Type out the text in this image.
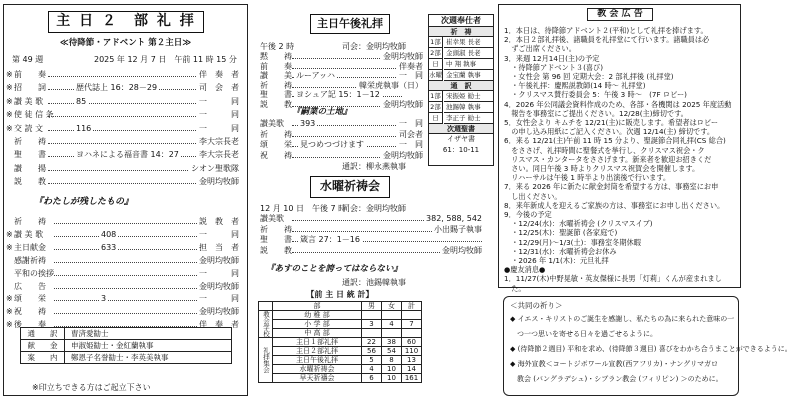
主 日 ２　部 礼 拝
≪待降節・アドベント 第２主日≫
第 49 週	2025 年 12 月 7 日　午前 11 時 15 分
※ 前　　奏	伴　奏　者
※ 招　　詞	歴代誌上 16：28－29	司　会　者
※ 讃 美 歌	85	一　　　同
※ 使 徒 信 条	一　　　同
※ 交 読 文	116	一　　　同
祈　　祷	李大宗長老
聖　　書	ヨハネによる福音書 14：27	李大宗長老
讃　　揚	シオン聖歌隊
説　　教	金明均牧師
『わたしが残したもの』
祈　　祷	説　教　者
※ 讃 美 歌	408	一　　　同
※ 主日献金	633	担　当　者
感謝祈祷	金明均牧師
平和の挨拶	一　　　同
広　　告	金明均牧師
※ 頌　　栄	3	一　　　同
※ 祝　　祷	金明均牧師
※ 後　　奏	伴　奏　者
通　　訳	曺済愛勧士
献　　金	申淑姫勧士・金紅蘭執事
案　　内	鄭恩子名誉勧士・李英美執事
※印立ちできる方はご起立下さい
主日午後礼拝
午後 2 時	司会：金明均牧師
黙　　祷	金明均牧師
前　　奏	伴奏者
讃　　美 ルーアッハ	一　同
祈　　祷	韓栄虎執事（日）
聖　　書 ヨシュア記 15：1－12
説　　教	金明均牧師
『嗣業の土地』
讃美歌 393	一　同
祈　　祷	司会者
頌　　栄 見つめつづけます	一　同
祝　　祷	金明均牧師
通訳：柳永燕執事
次週奉仕者
祈　祷
1部 崔幸果 長老
2部 金頭淑 長老
日	中 翔 執事
水曜 金宝蘭 執事
通　訳
1部 宋振姫 勧士
2部 池錫韓 執事
日	李正子 勧士
次週聖書
イザヤ書
61：10-11
水曜祈祷会
12 月 10 日　午後 7 時
司会：金明均牧師
讃美歌	382, 588, 542
祈　　祷	小出賜子執事
聖　　書 箴言 27：1－16
説　　教	金明均牧師
『あすのことを誇ってはならない』
通訳：池錫韓執事
【前 主 日 統 計】
	部	男	女	計
教会学校	幼 稚 部			
	小 学 部	3	4	7
	中 高 部			
礼拝集会	主日１部礼拝	22	38	60
	主日２部礼拝	56	54	110
	主日午後礼拝	5	8	13
	水曜祈祷会	4	10	14
	早天祈禱会	6	10	161
教 会 広 告
1．本日は、待降節アドベント２(平和)として礼拝を捧げます。
2．本日２部礼拝後、諸職員を礼拝堂にて行います。諸職員は必
　ずご出席ください。
3．来週 12月14日(主)の予定
　・待降節アドベント３(喜び)
　・女性会 第 96 回 定期大会：2 部礼拝後 (礼拝堂)
　・午後礼拝：慶熙説教師(14 時～ 礼拝堂)
　・クリスマス賛行委員会 5：午後 3 時～　(7F ロビー)
4．2026 年公同議会資料作成のため、各部・各機関は 2025 年度活動
　報告を事務室にご提出ください。12/28(主)締切です。
5．女性会より キムチを 12/21(主)に販売します。希望者はロビー
　の申し込み用紙にご記入ください。次週 12/14(主) 締切です。
6．来る 12/21(主)午前 11 時 15 分より、聖誕節合同礼拝(CS 総合)
　をささげ、礼拝時間に聖餐式を挙行し、クリスマス祝会・ク
　リスマス・カンタータをささげます。新来者を歓迎お招きくだ
　さい。同日午後 3 時よりクリスマス祝賀会を開催します。
　リハーサルは午後 1 時半より出演後で行います。
7．来る 2026 年に新たに献金封筒を希望する方は、事務室にお申
　し出ください。
8．来年新成人を迎えるご家族の方は、事務室にお申し出ください。
9．今後の予定
　・12/24(水)：水曜祈祷会 (クリスマスイブ)
　・12/25(木)：聖誕節 (各家庭で)
　・12/29(月)～1/3(土)：事務室冬期休暇
　・12/31(水)：水曜祈祷会お休み
　・2026 年 1/1(木)：元旦礼拝
●慶友消息●
1．11/27(木)中野晃敏・英友傑様に長男「灯莉」くんが産まれまし
　た。
＜共同の祈り＞
◆ イエス・キリストのご誕生を感謝し、私たちの為に来られた意味の一
　つ一つ思いを寄せる日々を過ごせるように。
◆ (待降節２週目) 平和を求め、(待降節３週目) 喜びをわかち合うまことができるように。
◆ 海外宣教＜コートジボワール宣教(西アフリカ)・ナングリマガロ
　教会 (バングラデシュ)・シブラン教会 (フィリピン) ＞のために。
